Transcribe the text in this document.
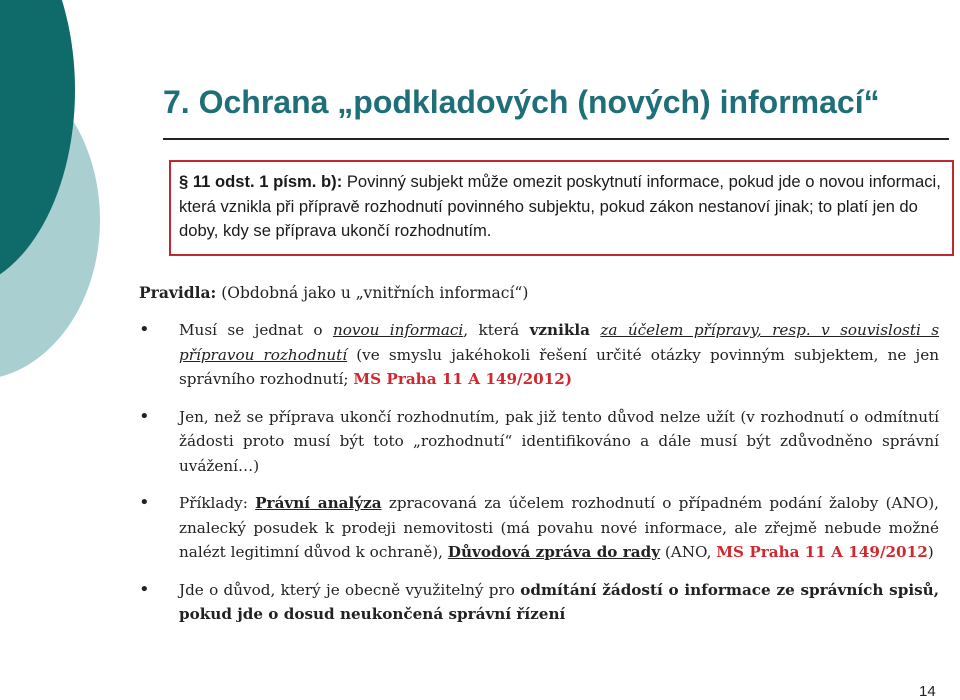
7. Ochrana „podkladových (nových) informací“
§ 11 odst. 1 písm. b): Povinný subjekt může omezit poskytnutí informace, pokud jde o novou informaci, která vznikla při přípravě rozhodnutí povinného subjektu, pokud zákon nestanoví jinak; to platí jen do doby, kdy se příprava ukončí rozhodnutím.
Pravidla: (Obdobná jako u „vnitřních informací“)
• Musí se jednat o novou informaci, která vznikla za účelem přípravy, resp. v souvislosti s přípravou rozhodnutí (ve smyslu jakéhokoli řešení určité otázky povinným subjektem, ne jen správního rozhodnutí; MS Praha 11 A 149/2012)
• Jen, než se příprava ukončí rozhodnutím, pak již tento důvod nelze užít (v rozhodnutí o odmítnutí žádosti proto musí být toto „rozhodnutí“ identifikováno a dále musí být zdůvodněno správní uvážení…)
• Příklady: Právní analýza zpracovaná za účelem rozhodnutí o případném podání žaloby (ANO), znalecký posudek k prodeji nemovitosti (má povahu nové informace, ale zřejmě nebude možné nalézt legitimní důvod k ochraně), Důvodová zpráva do rady (ANO, MS Praha 11 A 149/2012)
• Jde o důvod, který je obecně využitelný pro odmítání žádostí o informace ze správních spisů, pokud jde o dosud neukončená správní řízení
14
